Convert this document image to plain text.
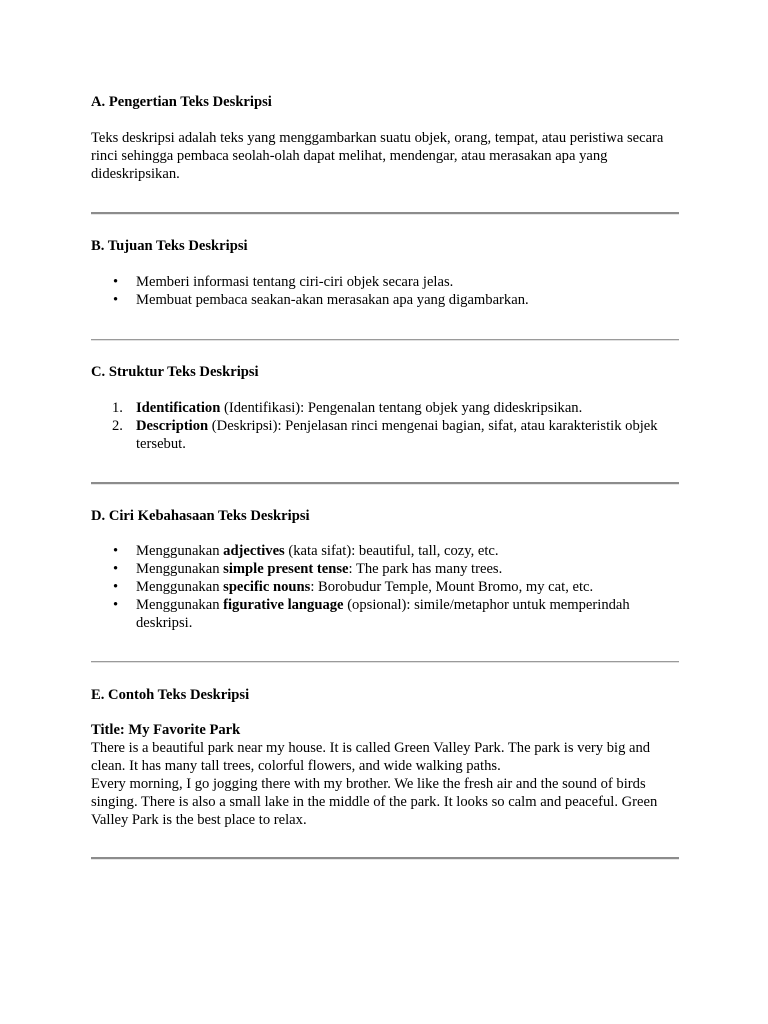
A. Pengertian Teks Deskripsi
Teks deskripsi adalah teks yang menggambarkan suatu objek, orang, tempat, atau peristiwa secara rinci sehingga pembaca seolah-olah dapat melihat, mendengar, atau merasakan apa yang dideskripsikan.
B. Tujuan Teks Deskripsi
• Memberi informasi tentang ciri-ciri objek secara jelas.
• Membuat pembaca seakan-akan merasakan apa yang digambarkan.
C. Struktur Teks Deskripsi
1. Identification (Identifikasi): Pengenalan tentang objek yang dideskripsikan.
2. Description (Deskripsi): Penjelasan rinci mengenai bagian, sifat, atau karakteristik objek tersebut.
D. Ciri Kebahasaan Teks Deskripsi
• Menggunakan adjectives (kata sifat): beautiful, tall, cozy, etc.
• Menggunakan simple present tense: The park has many trees.
• Menggunakan specific nouns: Borobudur Temple, Mount Bromo, my cat, etc.
• Menggunakan figurative language (opsional): simile/metaphor untuk memperindah deskripsi.
E. Contoh Teks Deskripsi
Title: My Favorite Park
There is a beautiful park near my house. It is called Green Valley Park. The park is very big and clean. It has many tall trees, colorful flowers, and wide walking paths.
Every morning, I go jogging there with my brother. We like the fresh air and the sound of birds singing. There is also a small lake in the middle of the park. It looks so calm and peaceful. Green Valley Park is the best place to relax.
